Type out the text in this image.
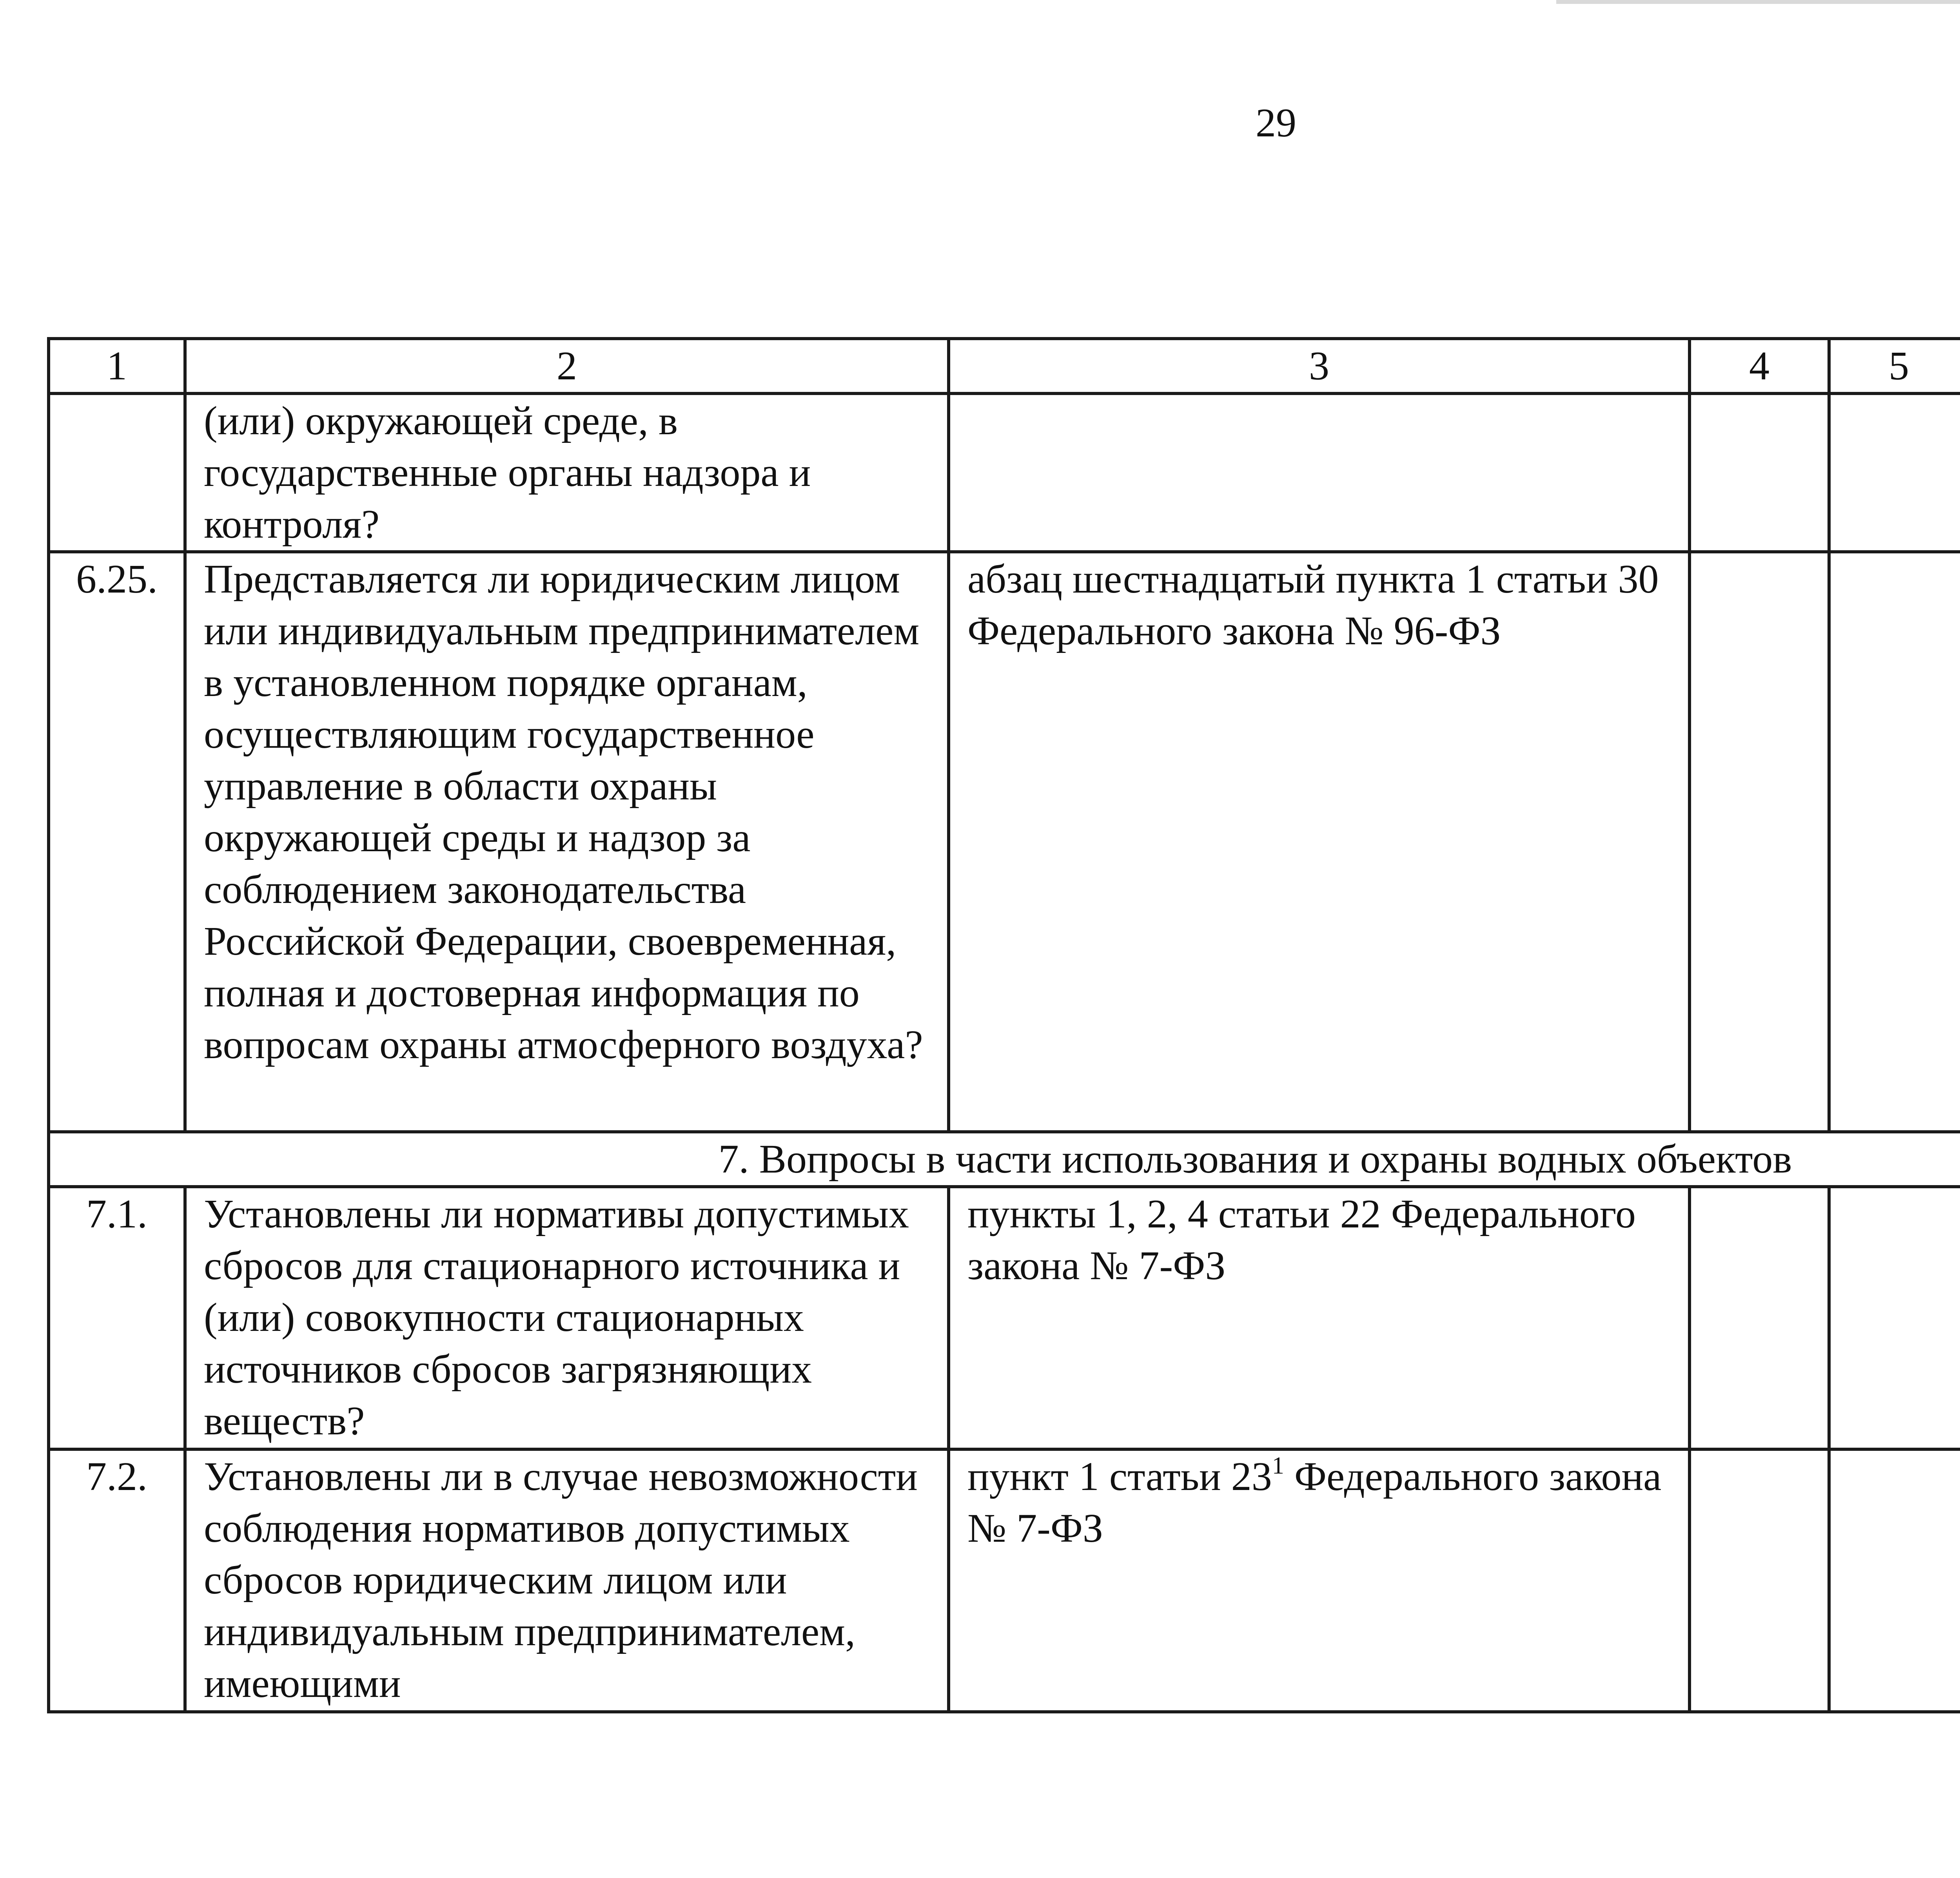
29
1	2	3	4	5		
	(или) окружающей среде, в государственные органы надзора и контроля?					
6.25.	Представляется ли юридическим лицом или индивидуальным предпринимателем в установленном порядке органам, осуществляющим государственное управление в области охраны окружающей среды и надзор за соблюдением законодательства Российской Федерации, своевременная, полная и достоверная информация по вопросам охраны атмосферного воздуха?	абзац шестнадцатый пункта 1 статьи 30 Федерального закона № 96-ФЗ				
7. Вопросы в части использования и охраны водных объектов						
7.1.	Установлены ли нормативы допустимых сбросов для стационарного источника и (или) совокупности стационарных источников сбросов загрязняющих веществ?	пункты 1, 2, 4 статьи 22 Федерального закона № 7-ФЗ				
7.2.	Установлены ли в случае невозможности соблюдения нормативов допустимых сбросов юридическим лицом или индивидуальным предпринимателем, имеющими	пункт 1 статьи $23^1$ Федерального закона № 7-ФЗ				
